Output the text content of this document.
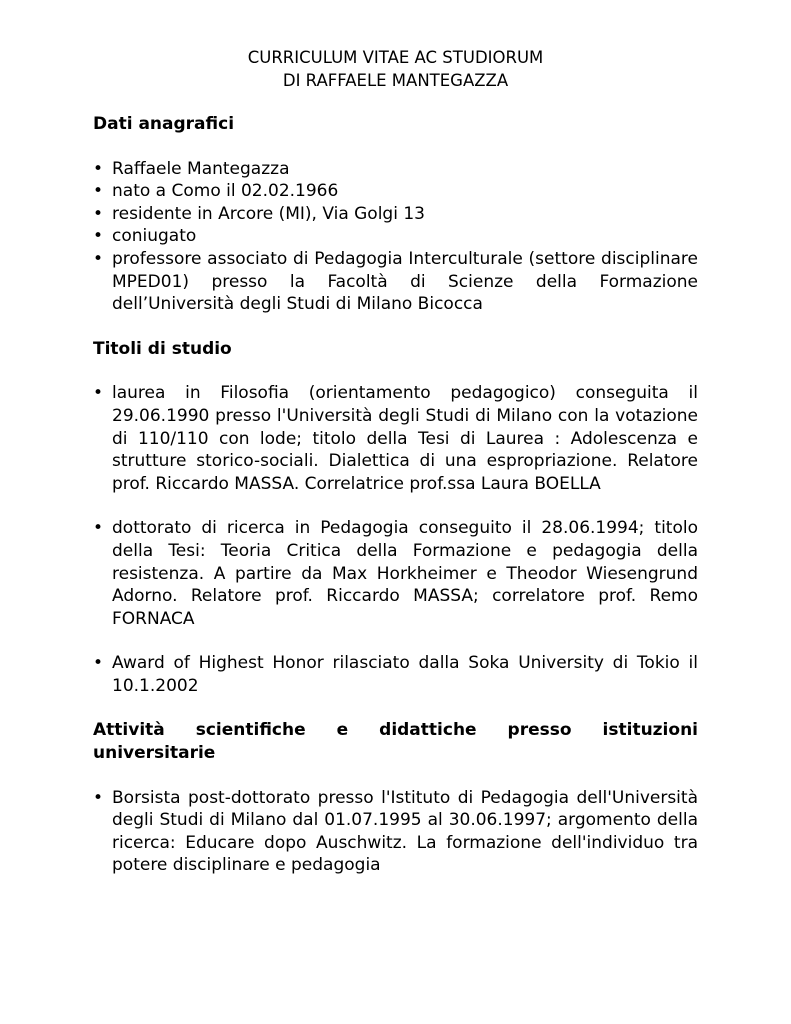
CURRICULUM VITAE AC STUDIORUM
DI RAFFAELE MANTEGAZZA
Dati anagrafici
• Raffaele Mantegazza
• nato a Como il 02.02.1966
• residente in Arcore (MI), Via Golgi 13
• coniugato
• professore associato di Pedagogia Interculturale (settore disciplinare MPED01) presso la Facoltà di Scienze della Formazione dell’Università degli Studi di Milano Bicocca
Titoli di studio
• laurea in Filosofia (orientamento pedagogico) conseguita il 29.06.1990 presso l'Università degli Studi di Milano con la votazione di 110/110 con lode; titolo della Tesi di Laurea : Adolescenza e strutture storico-sociali. Dialettica di una espropriazione. Relatore prof. Riccardo MASSA. Correlatrice prof.ssa Laura BOELLA
• dottorato di ricerca in Pedagogia conseguito il 28.06.1994; titolo della Tesi: Teoria Critica della Formazione e pedagogia della resistenza. A partire da Max Horkheimer e Theodor Wiesengrund Adorno. Relatore prof. Riccardo MASSA; correlatore prof. Remo FORNACA
• Award of Highest Honor rilasciato dalla Soka University di Tokio il 10.1.2002
Attività scientifiche e didattiche presso istituzioni universitarie
• Borsista post-dottorato presso l'Istituto di Pedagogia dell'Università degli Studi di Milano dal 01.07.1995 al 30.06.1997; argomento della ricerca: Educare dopo Auschwitz. La formazione dell'individuo tra potere disciplinare e pedagogia
